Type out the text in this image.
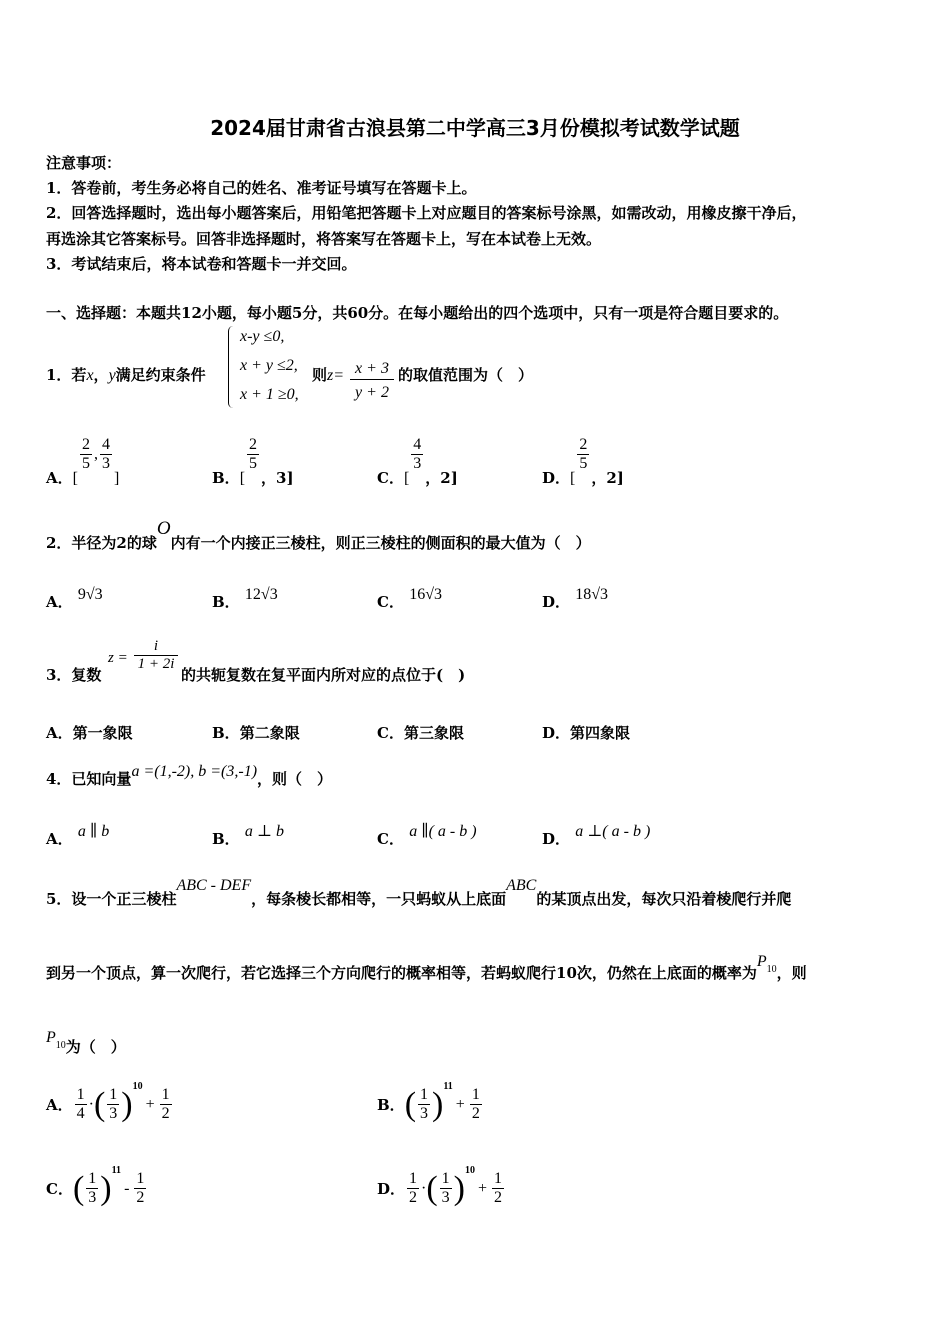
2024届甘肃省古浪县第二中学高三3月份模拟考试数学试题
注意事项：
1．答卷前，考生务必将自己的姓名、准考证号填写在答题卡上。
2．回答选择题时，选出每小题答案后，用铅笔把答题卡上对应题目的答案标号涂黑，如需改动，用橡皮擦干净后，
再选涂其它答案标号。回答非选择题时，将答案写在答题卡上，写在本试卷上无效。
3．考试结束后，将本试卷和答题卡一并交回。
一、选择题：本题共12小题，每小题5分，共60分。在每小题给出的四个选项中，只有一项是符合题目要求的。
1．若x，y满足约束条件
x-y ≤0,
x + y ≤2,
x + 1 ≥0,
则$z= \frac{x + 3}{y + 2}$ 的取值范围为（　）
A．[
$\frac{2}{5}$ , $\frac{4}{3}$
]	B．[
$\frac{2}{5}$
，3]	C．[
$\frac{4}{3}$
，2]	D．[
$\frac{2}{5}$
，2]
2．半径为2的球O内有一个内接正三棱柱，则正三棱柱的侧面积的最大值为（　）
A． 9√3	B． 12√3	C． 16√3	D． 18√3
3．复数
$z = \frac{i}{1 + 2i}$
的共轭复数在复平面内所对应的点位于(　)
A．第一象限	B．第二象限	C．第三象限	D．第四象限
4．已知向量a =(1,-2), b =(3,-1)，则（　）
A． a ∥ b	B． a ⊥ b	C． a ∥( a - b )	D． a ⊥( a - b )
5．设一个正三棱柱ABC - DEF，每条棱长都相等，一只蚂蚁从上底面ABC的某顶点出发，每次只沿着棱爬行并爬
到另一个顶点，算一次爬行，若它选择三个方向爬行的概率相等，若蚂蚁爬行10次，仍然在上底面的概率为$P_{10}$，则
$P_{10}$为（　）
A． $\frac{1}{4}$ · ( $\frac{1}{3}$ ) 10
+ $\frac{1}{2}$	B． ( $\frac{1}{3}$ ) 11
+ $\frac{1}{2}$
C． ( $\frac{1}{3}$ ) 11
- $\frac{1}{2}$	D． $\frac{1}{2}$ · ( $\frac{1}{3}$ ) 10
+ $\frac{1}{2}$
